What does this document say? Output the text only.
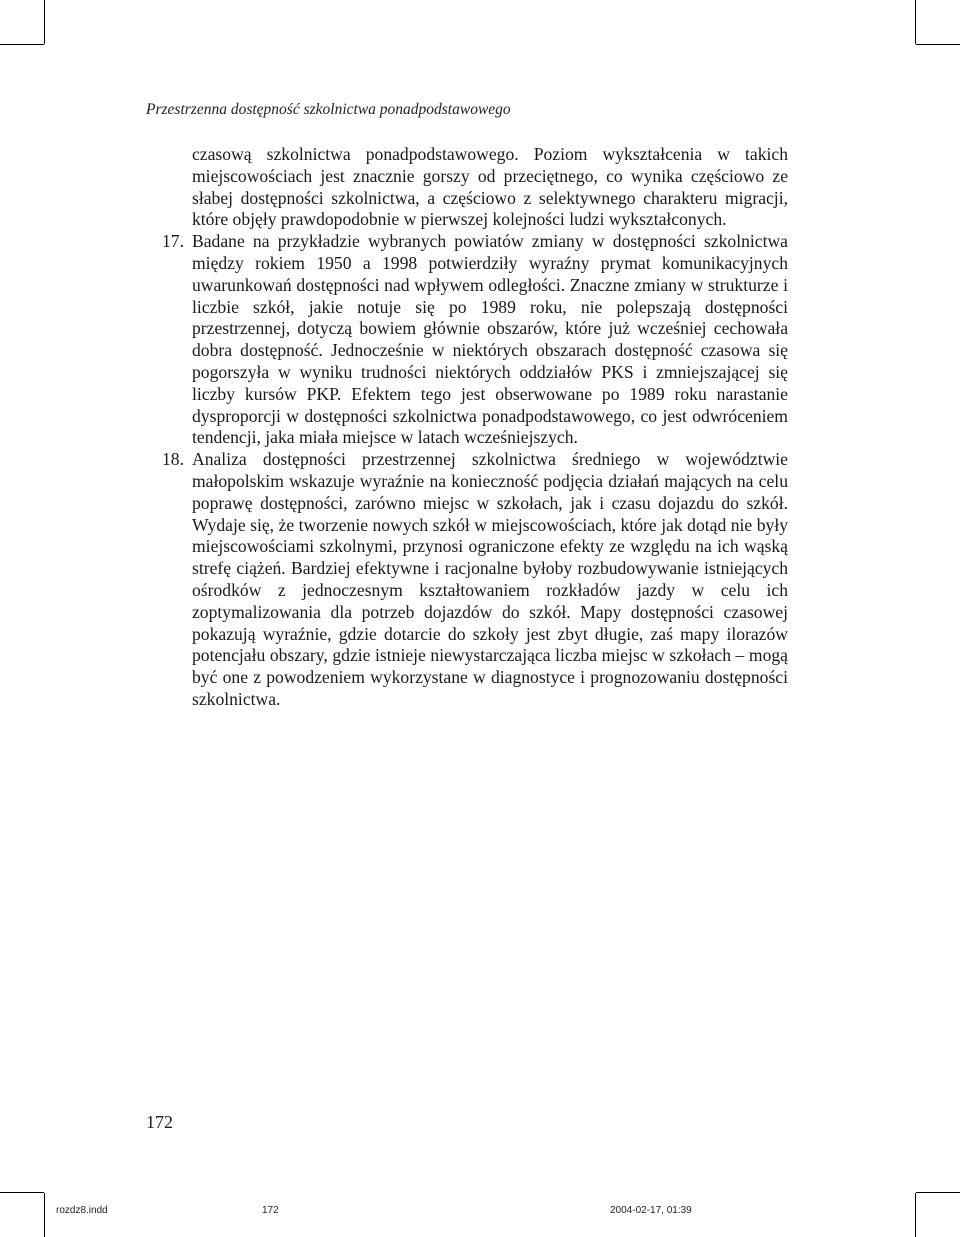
Przestrzenna dostępność szkolnictwa ponadpodstawowego

czasową szkolnictwa ponadpodstawowego. Poziom wykształcenia w takich miejscowościach jest znacznie gorszy od przeciętnego, co wynika częściowo ze słabej dostępności szkolnictwa, a częściowo z selektywnego charakteru migracji, które objęły prawdopodobnie w pierwszej kolejności ludzi wykształconych.

17. Badane na przykładzie wybranych powiatów zmiany w dostępności szkolnictwa między rokiem 1950 a 1998 potwierdziły wyraźny prymat komunikacyjnych uwarunkowań dostępności nad wpływem odległości. Znaczne zmiany w strukturze i liczbie szkół, jakie notuje się po 1989 roku, nie polepszają dostępności przestrzennej, dotyczą bowiem głównie obszarów, które już wcześniej cechowała dobra dostępność. Jednocześnie w niektórych obszarach dostępność czasowa się pogorszyła w wyniku trudności niektórych oddziałów PKS i zmniejszającej się liczby kursów PKP. Efektem tego jest obserwowane po 1989 roku narastanie dysproporcji w dostępności szkolnictwa ponadpodstawowego, co jest odwróceniem tendencji, jaka miała miejsce w latach wcześniejszych.
18. Analiza dostępności przestrzennej szkolnictwa średniego w województwie małopolskim wskazuje wyraźnie na konieczność podjęcia działań mających na celu poprawę dostępności, zarówno miejsc w szkołach, jak i czasu dojazdu do szkół. Wydaje się, że tworzenie nowych szkół w miejscowościach, które jak dotąd nie były miejscowościami szkolnymi, przynosi ograniczone efekty ze względu na ich wąską strefę ciążeń. Bardziej efektywne i racjonalne byłoby rozbudowywanie istniejących ośrodków z jednoczesnym kształtowaniem rozkładów jazdy w celu ich zoptymalizowania dla potrzeb dojazdów do szkół. Mapy dostępności czasowej pokazują wyraźnie, gdzie dotarcie do szkoły jest zbyt długie, zaś mapy ilorazów potencjału obszary, gdzie istnieje niewystarczająca liczba miejsc w szkołach – mogą być one z powodzeniem wykorzystane w diagnostyce i prognozowaniu dostępności szkolnictwa.
172
rozdz8.indd	172	2004-02-17, 01:39
